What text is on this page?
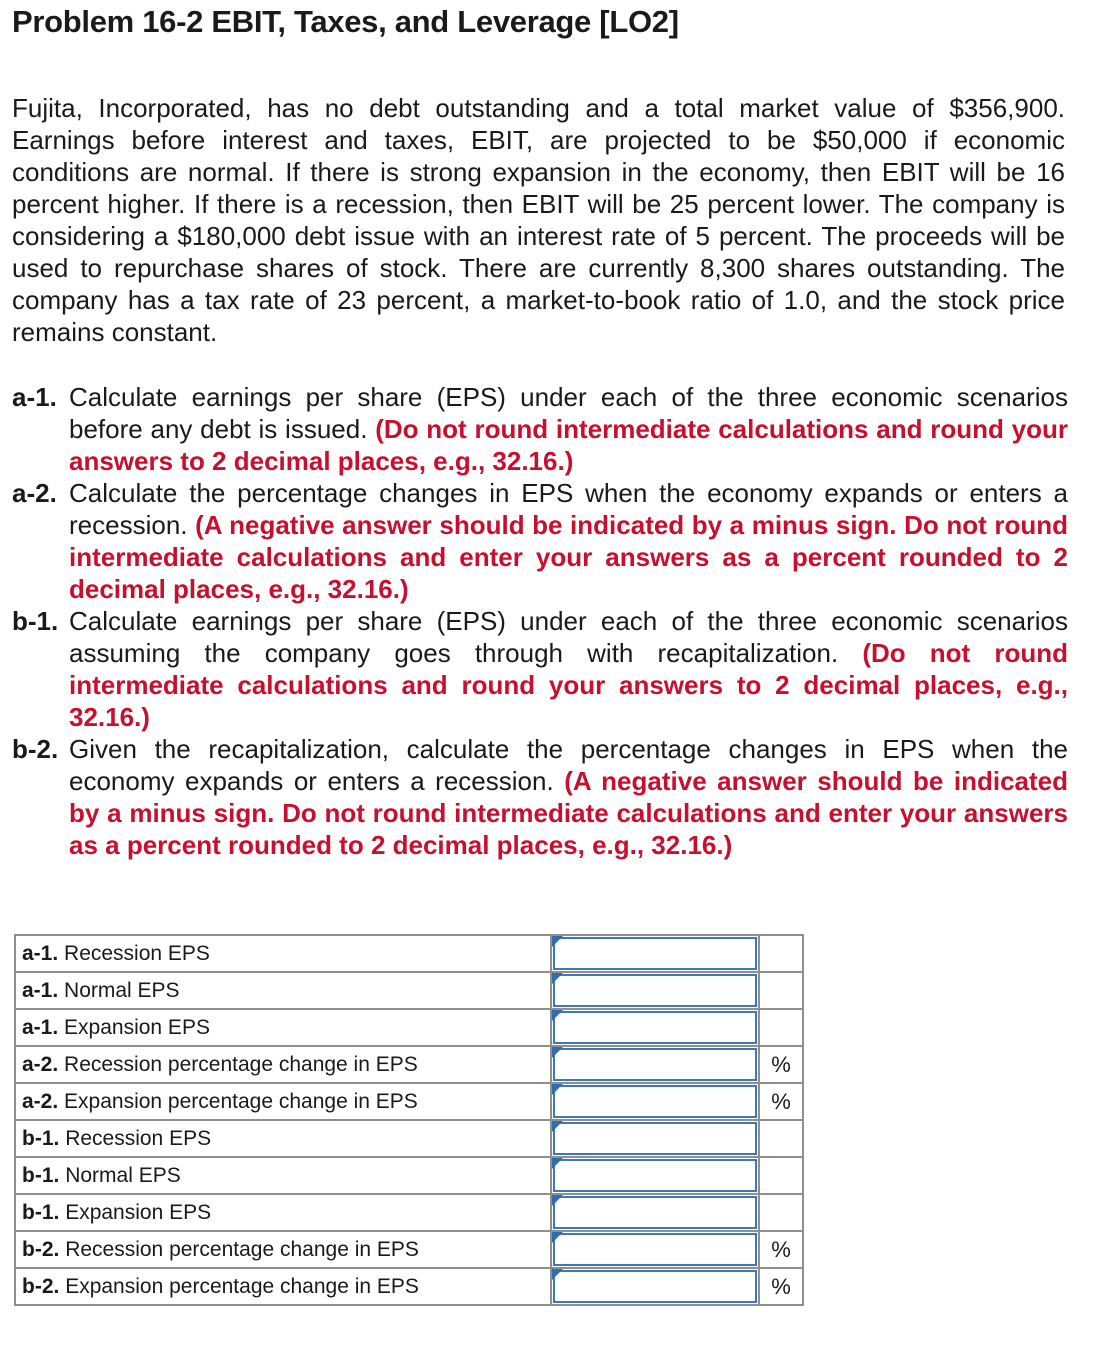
Problem 16-2 EBIT, Taxes, and Leverage [LO2]

Fujita, Incorporated, has no debt outstanding and a total market value of $356,900. Earnings before interest and taxes, EBIT, are projected to be $50,000 if economic conditions are normal. If there is strong expansion in the economy, then EBIT will be 16 percent higher. If there is a recession, then EBIT will be 25 percent lower. The company is considering a $180,000 debt issue with an interest rate of 5 percent. The proceeds will be used to repurchase shares of stock. There are currently 8,300 shares outstanding. The company has a tax rate of 23 percent, a market-to-book ratio of 1.0, and the stock price remains constant.

a-1. Calculate earnings per share (EPS) under each of the three economic scenarios before any debt is issued. (Do not round intermediate calculations and round your answers to 2 decimal places, e.g., 32.16.)
a-2. Calculate the percentage changes in EPS when the economy expands or enters a recession. (A negative answer should be indicated by a minus sign. Do not round intermediate calculations and enter your answers as a percent rounded to 2 decimal places, e.g., 32.16.)
b-1. Calculate earnings per share (EPS) under each of the three economic scenarios assuming the company goes through with recapitalization. (Do not round intermediate calculations and round your answers to 2 decimal places, e.g., 32.16.)
b-2. Given the recapitalization, calculate the percentage changes in EPS when the economy expands or enters a recession. (A negative answer should be indicated by a minus sign. Do not round intermediate calculations and enter your answers as a percent rounded to 2 decimal places, e.g., 32.16.)
a-1. Recession EPS	

a-1. Normal EPS	

a-1. Expansion EPS	

a-2. Recession percentage change in EPS		%
a-2. Expansion percentage change in EPS		%
b-1. Recession EPS	

b-1. Normal EPS	

b-1. Expansion EPS	

b-2. Recession percentage change in EPS		%
b-2. Expansion percentage change in EPS		%
